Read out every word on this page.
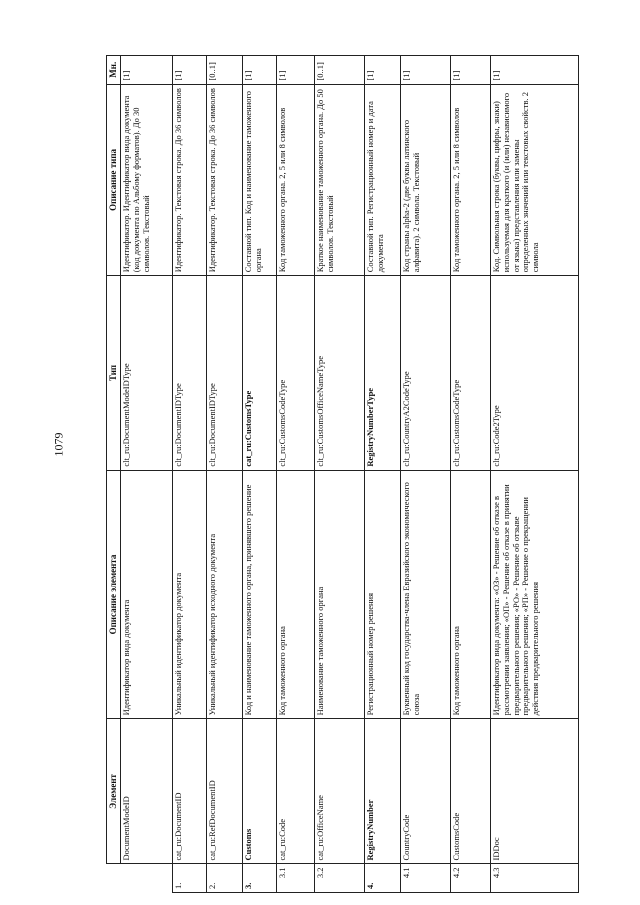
1079
	Элемент	Описание элемента	Тип	Описание типа	Мн.
	DocumentModeID	Идентификатор вида документа	clt_ru:DocumentModeIDType	Идентификатор. Идентификатор вида документа (код документа по Альбому форматов). До 30 символов. Текстовый	[1]
1.	cat_ru:DocumentID	Уникальный идентификатор документа	clt_ru:DocumentIDType	Идентификатор. Текстовая строка. До 36 символов	[1]
2.	cat_ru:RefDocumentID	Уникальный идентификатор исходного документа	clt_ru:DocumentIDType	Идентификатор. Текстовая строка. До 36 символов	[0..1]
3.	Customs	Код и наименование таможенного органа, принявшего решение	cat_ru:CustomsType	Составной тип. Код и наименование таможенного органа	[1]
3.1	cat_ru:Code	Код таможенного органа	clt_ru:CustomsCodeType	Код таможенного органа. 2, 5 или 8 символов	[1]
3.2	cat_ru:OfficeName	Наименование таможенного органа	clt_ru:CustomsOfficeNameType	Краткое наименование таможенного органа. До 50 символов. Текстовый	[0..1]
4.	RegistryNumber	Регистрационный номер решения	RegistryNumberType	Составной тип. Регистрационный номер и дата документа	[1]
4.1	CountryCode	Буквенный код государства-члена Евразийского экономического союза	clt_ru:CountryA2CodeType	Код страны alpha-2 (две буквы латинского алфавита). 2 символа. Текстовый	[1]
4.2	CustomsCode	Код таможенного органа	clt_ru:CustomsCodeType	Код таможенного органа. 2, 5 или 8 символов	[1]
4.3	IDDoc	Идентификатор вида документа: «ОЗ» - Решение об отказе в рассмотрении заявления; «ОП» - Решение об отказе в принятии предварительного решения; «РО» - Решение об отзыве предварительного решения; «РП» - Решение о прекращении действия предварительного решения	clt_ru:Code2Type	Код. Символьная строка (буквы, цифры, знаки) используемая для краткого (и (или) независимого от языка) представления или замены определенных значений или текстовых свойств. 2 символа	[1]
